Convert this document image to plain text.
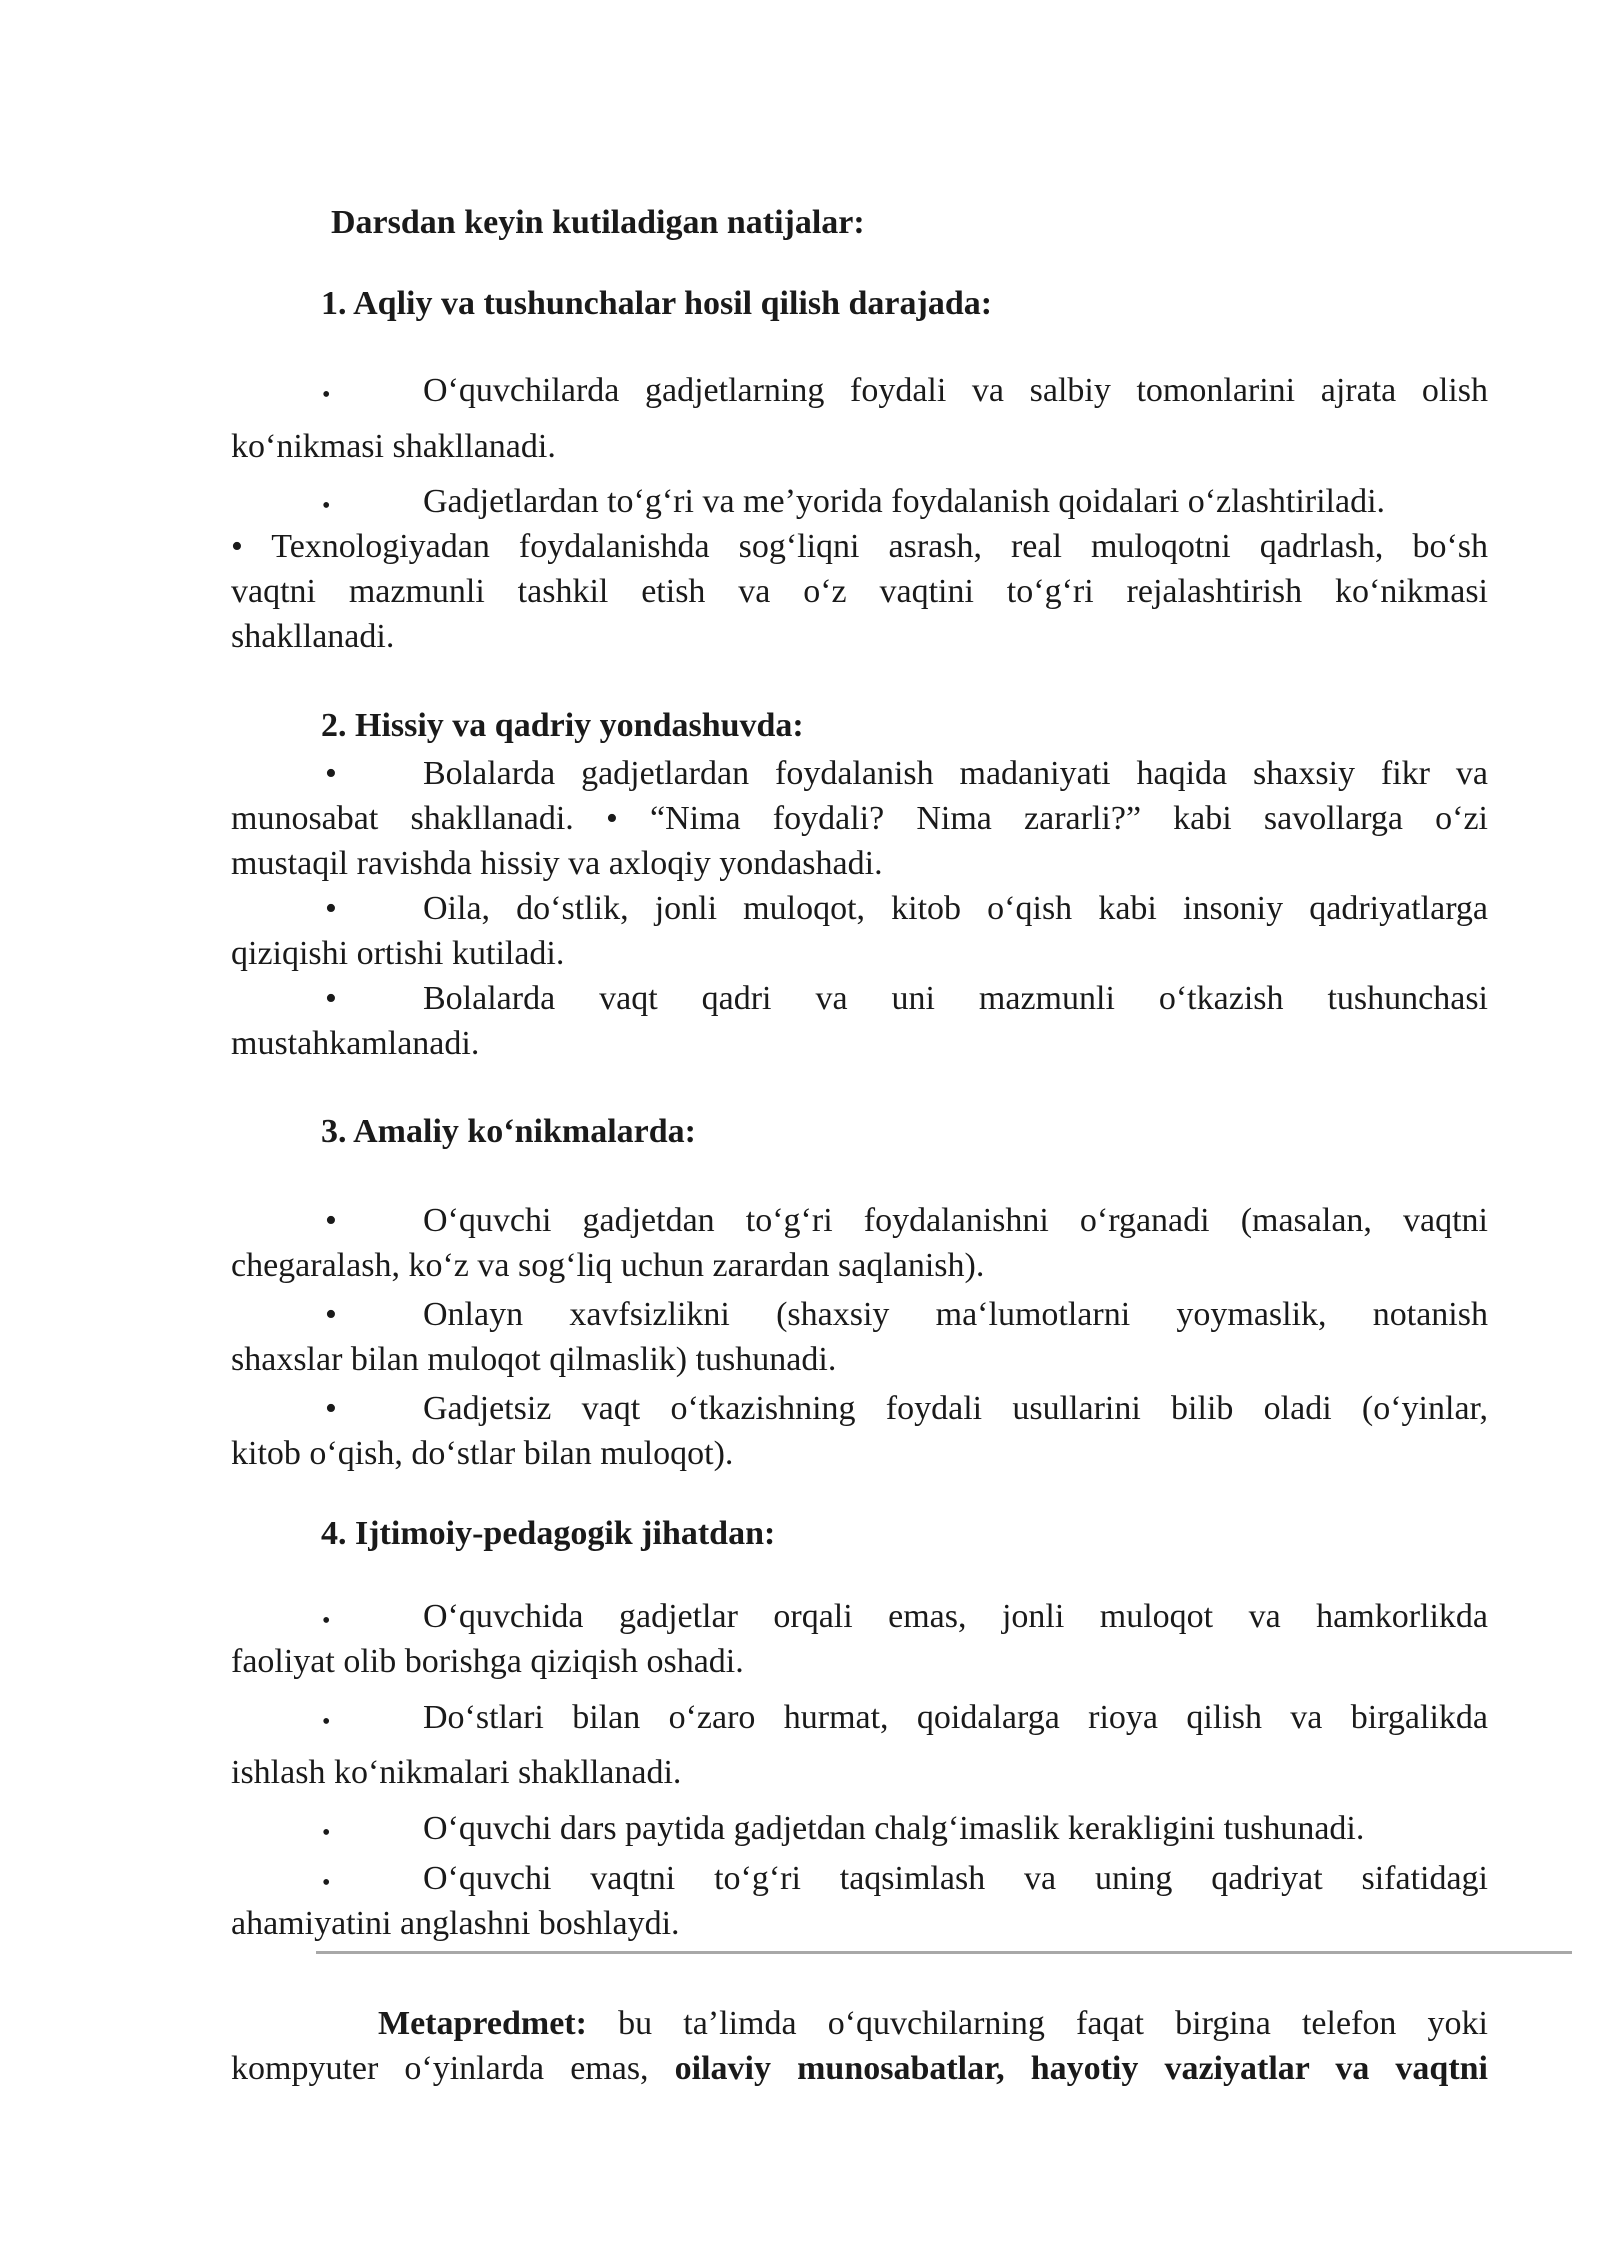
Darsdan keyin kutiladigan natijalar:
1. Aqliy va tushunchalar hosil qilish darajada:
•	Oʻquvchilarda gadjetlarning foydali va salbiy tomonlarini ajrata olish
koʻnikmasi shakllanadi.
•	Gadjetlardan toʻgʻri va meʼyorida foydalanish qoidalari oʻzlashtiriladi.
• Texnologiyadan foydalanishda sogʻliqni asrash, real muloqotni qadrlash, boʻsh
vaqtni mazmunli tashkil etish va oʻz vaqtini toʻgʻri rejalashtirish koʻnikmasi
shakllanadi.
2. Hissiy va qadriy yondashuvda:
•	Bolalarda gadjetlardan foydalanish madaniyati haqida shaxsiy fikr va
munosabat shakllanadi. • “Nima foydali? Nima zararli?” kabi savollarga oʻzi
mustaqil ravishda hissiy va axloqiy yondashadi.
•	Oila, doʻstlik, jonli muloqot, kitob oʻqish kabi insoniy qadriyatlarga
qiziqishi ortishi kutiladi.
•	Bolalarda vaqt qadri va uni mazmunli oʻtkazish tushunchasi
mustahkamlanadi.
3. Amaliy koʻnikmalarda:
•	Oʻquvchi gadjetdan toʻgʻri foydalanishni oʻrganadi (masalan, vaqtni
chegaralash, koʻz va sogʻliq uchun zarardan saqlanish).
•	Onlayn xavfsizlikni (shaxsiy maʻlumotlarni yoymaslik, notanish
shaxslar bilan muloqot qilmaslik) tushunadi.
•	Gadjetsiz vaqt oʻtkazishning foydali usullarini bilib oladi (oʻyinlar,
kitob oʻqish, doʻstlar bilan muloqot).
4. Ijtimoiy-pedagogik jihatdan:
•	Oʻquvchida gadjetlar orqali emas, jonli muloqot va hamkorlikda
faoliyat olib borishga qiziqish oshadi.
•	Doʻstlari bilan oʻzaro hurmat, qoidalarga rioya qilish va birgalikda
ishlash koʻnikmalari shakllanadi.
•	Oʻquvchi dars paytida gadjetdan chalgʻimaslik kerakligini tushunadi.
•	Oʻquvchi vaqtni toʻgʻri taqsimlash va uning qadriyat sifatidagi
ahamiyatini anglashni boshlaydi.
Metapredmet: bu taʼlimda oʻquvchilarning faqat birgina telefon yoki
kompyuter oʻyinlarda emas, oilaviy munosabatlar, hayotiy vaziyatlar va vaqtni
